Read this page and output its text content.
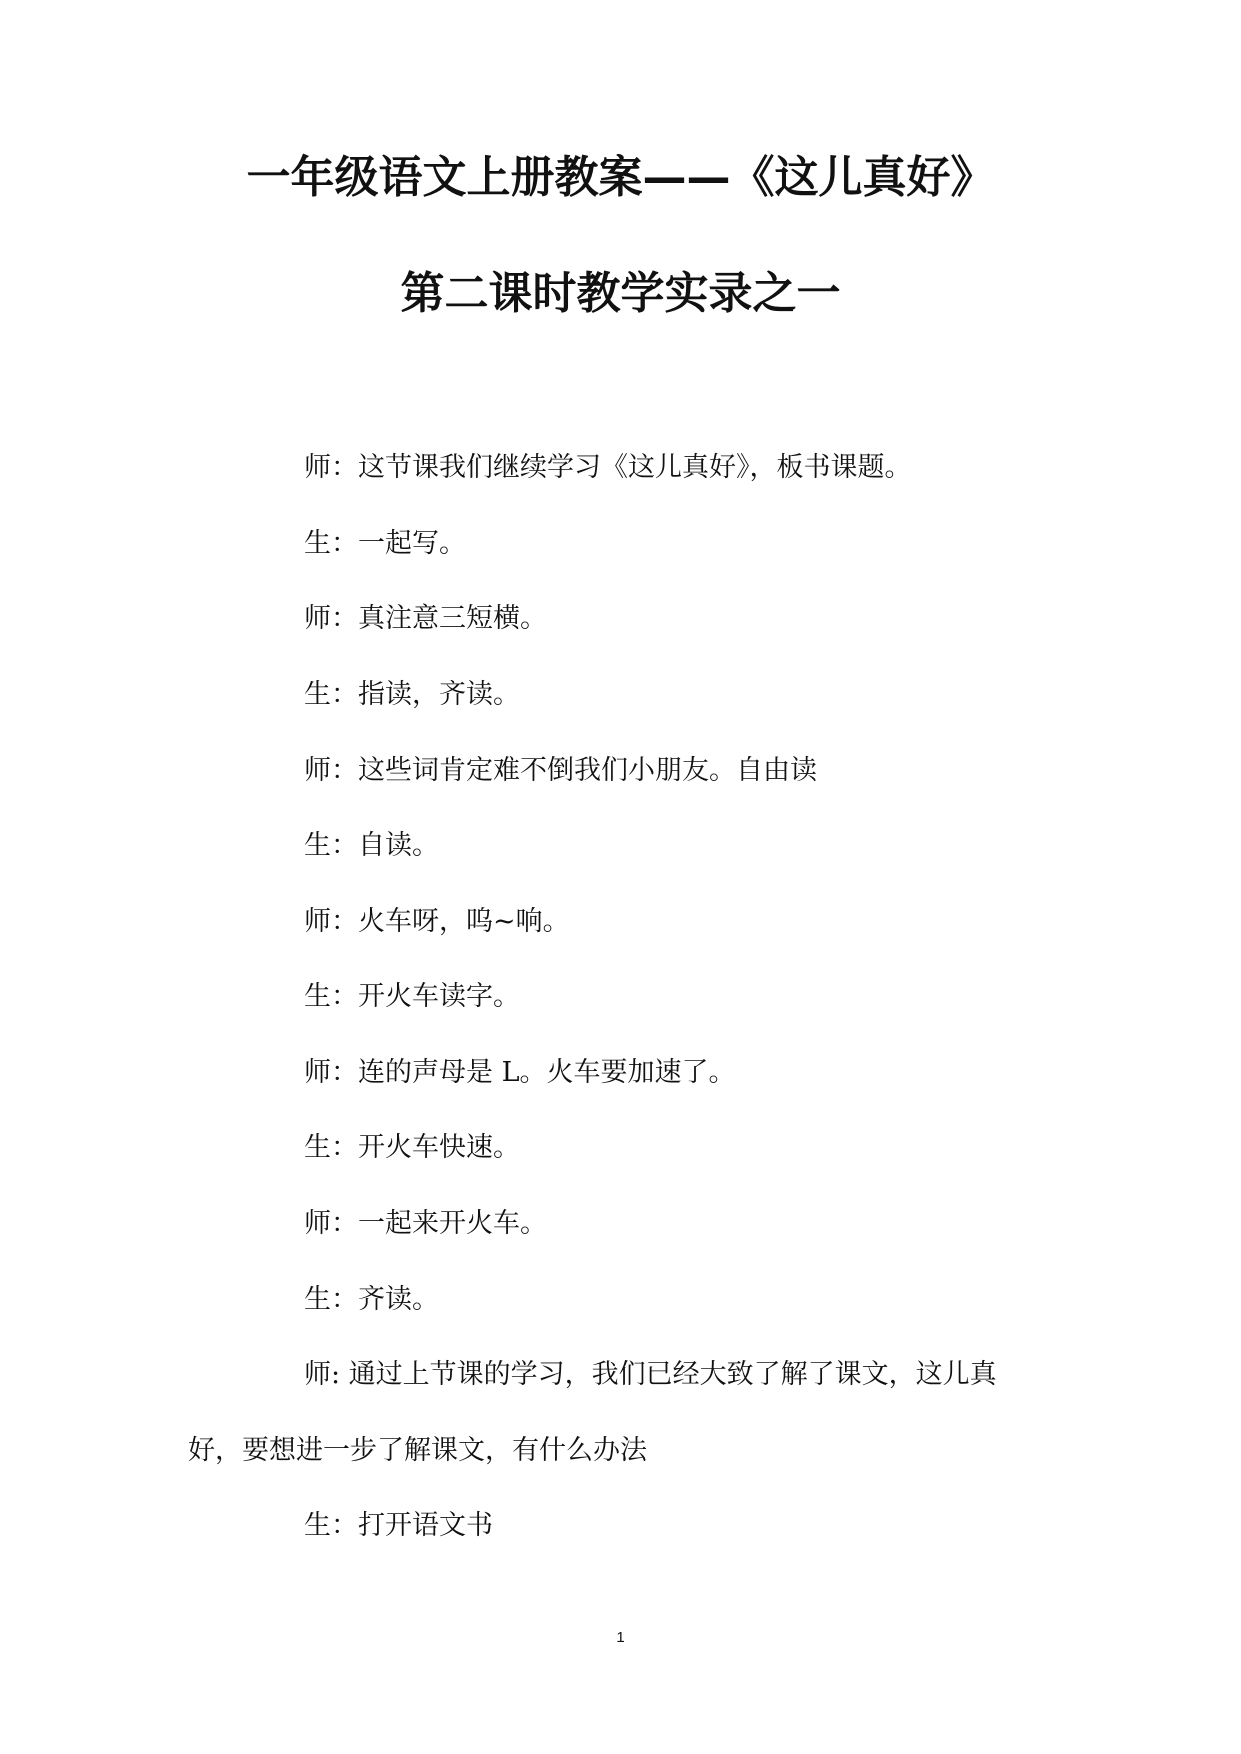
一年级语文上册教案——《这儿真好》
第二课时教学实录之一
师：这节课我们继续学习《这儿真好》，板书课题。
生：一起写。
师：真注意三短横。
生：指读，齐读。
师：这些词肯定难不倒我们小朋友。自由读
生：自读。
师：火车呀，呜~响。
生：开火车读字。
师：连的声母是 L。火车要加速了。
生：开火车快速。
师：一起来开火车。
生：齐读。
师: 通过上节课的学习，我们已经大致了解了课文，这儿真
好，要想进一步了解课文，有什么办法
生：打开语文书
1
